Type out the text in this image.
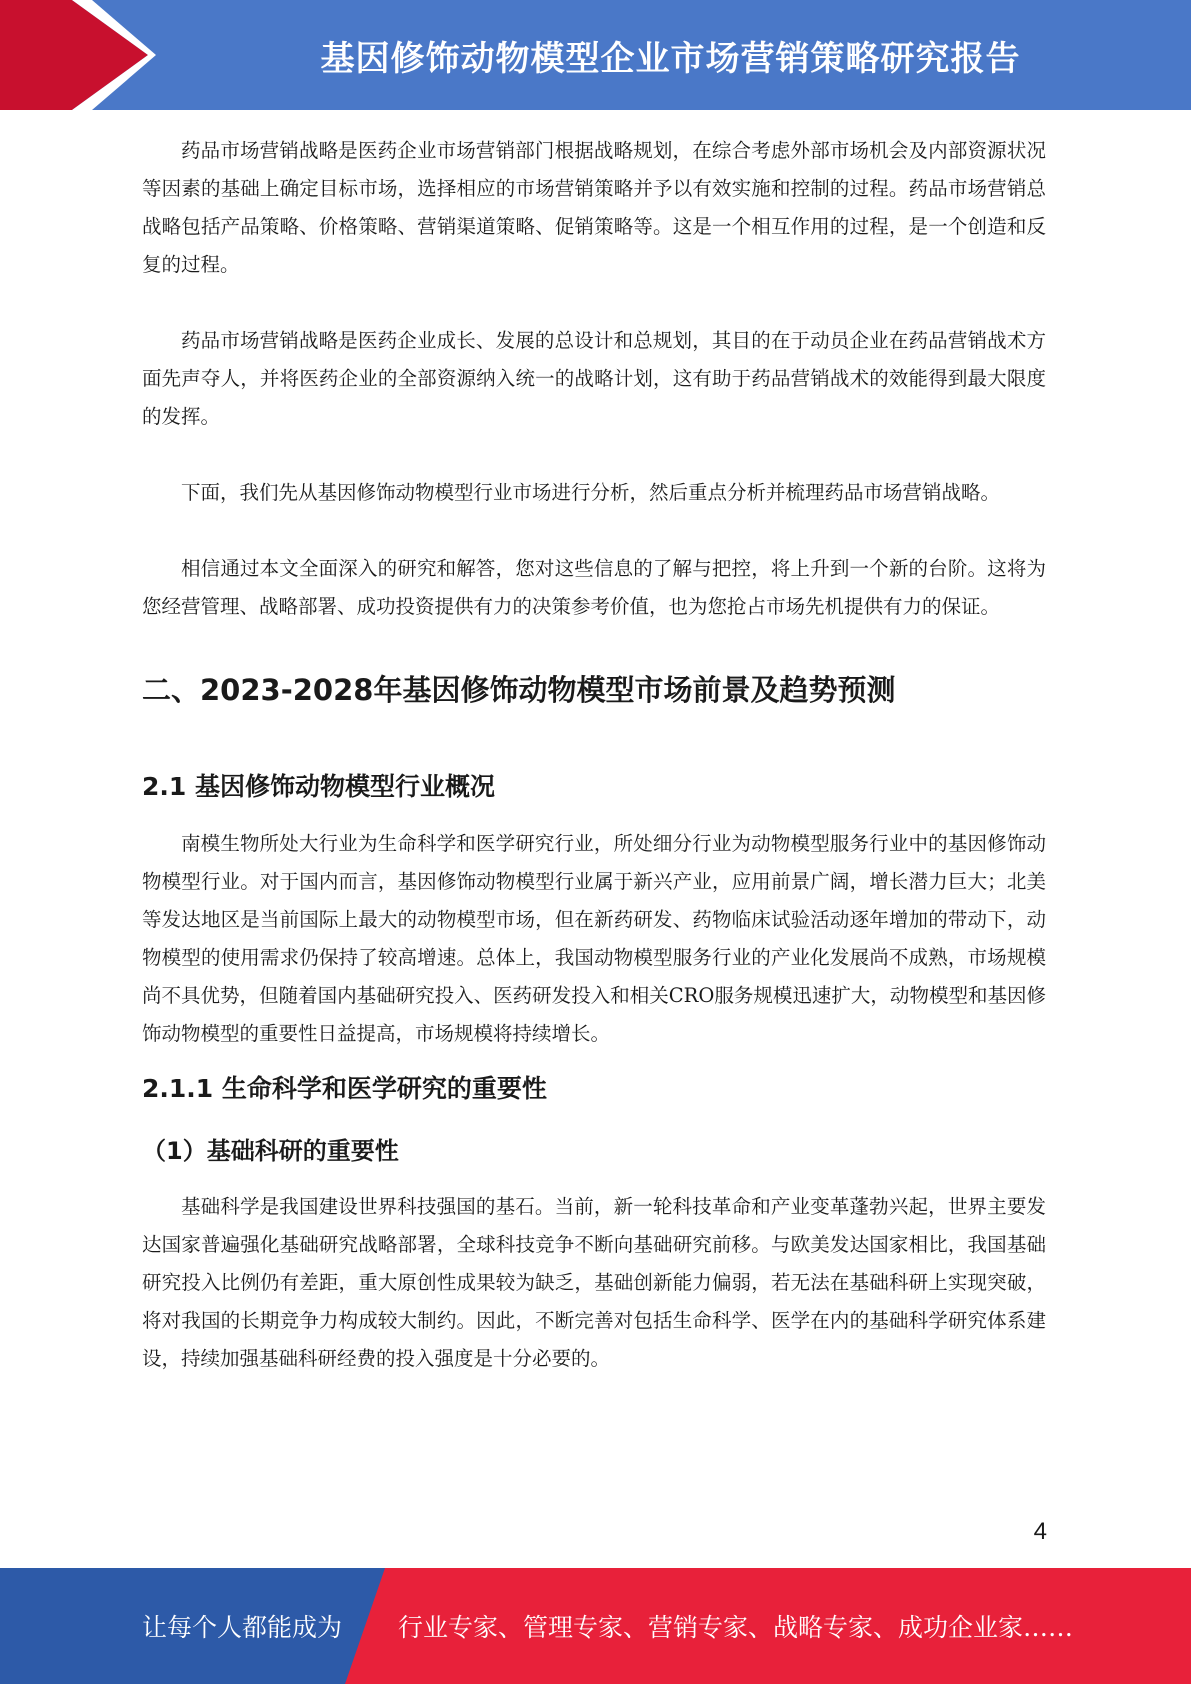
基因修饰动物模型企业市场营销策略研究报告

药品市场营销战略是医药企业市场营销部门根据战略规划，在综合考虑外部市场机会及内部资源状况等因素的基础上确定目标市场，选择相应的市场营销策略并予以有效实施和控制的过程。药品市场营销总战略包括产品策略、价格策略、营销渠道策略、促销策略等。这是一个相互作用的过程，是一个创造和反复的过程。

药品市场营销战略是医药企业成长、发展的总设计和总规划，其目的在于动员企业在药品营销战术方面先声夺人，并将医药企业的全部资源纳入统一的战略计划，这有助于药品营销战术的效能得到最大限度的发挥。

下面，我们先从基因修饰动物模型行业市场进行分析，然后重点分析并梳理药品市场营销战略。

相信通过本文全面深入的研究和解答，您对这些信息的了解与把控，将上升到一个新的台阶。这将为您经营管理、战略部署、成功投资提供有力的决策参考价值，也为您抢占市场先机提供有力的保证。

二、2023-2028年基因修饰动物模型市场前景及趋势预测
2.1 基因修饰动物模型行业概况

南模生物所处大行业为生命科学和医学研究行业，所处细分行业为动物模型服务行业中的基因修饰动物模型行业。对于国内而言，基因修饰动物模型行业属于新兴产业，应用前景广阔，增长潜力巨大；北美等发达地区是当前国际上最大的动物模型市场，但在新药研发、药物临床试验活动逐年增加的带动下，动物模型的使用需求仍保持了较高增速。总体上，我国动物模型服务行业的产业化发展尚不成熟，市场规模尚不具优势，但随着国内基础研究投入、医药研发投入和相关CRO服务规模迅速扩大，动物模型和基因修饰动物模型的重要性日益提高，市场规模将持续增长。

2.1.1 生命科学和医学研究的重要性
（1）基础科研的重要性

基础科学是我国建设世界科技强国的基石。当前，新一轮科技革命和产业变革蓬勃兴起，世界主要发达国家普遍强化基础研究战略部署，全球科技竞争不断向基础研究前移。与欧美发达国家相比，我国基础研究投入比例仍有差距，重大原创性成果较为缺乏，基础创新能力偏弱，若无法在基础科研上实现突破，将对我国的长期竞争力构成较大制约。因此，不断完善对包括生命科学、医学在内的基础科学研究体系建设，持续加强基础科研经费的投入强度是十分必要的。

4
让每个人都能成为 行业专家、管理专家、营销专家、战略专家、成功企业家……
